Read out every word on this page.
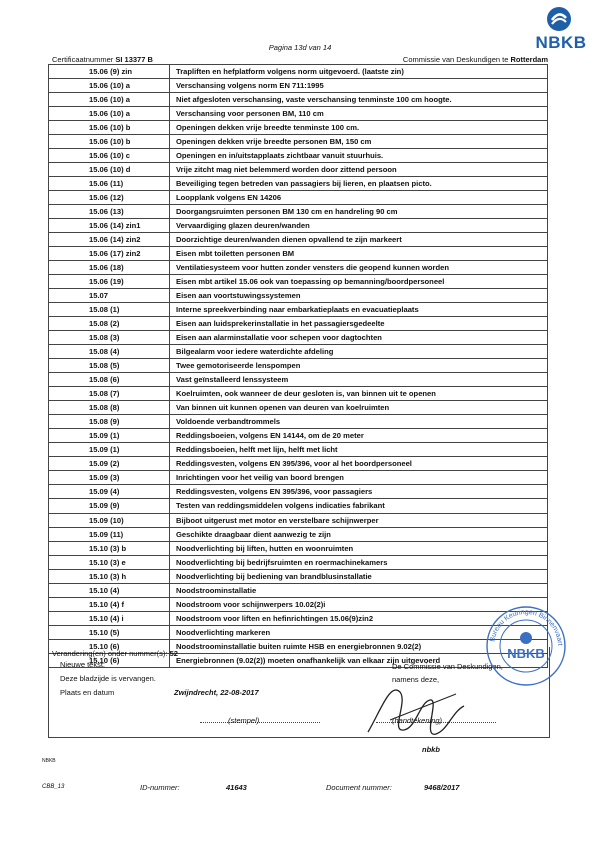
NBKB
Pagina 13d van 14
Certificaatnummer SI 13377 B	Commissie van Deskundigen te Rotterdam
15.06 (9) zin	Trapliften en hefplatform volgens norm uitgevoerd. (laatste zin)
15.06 (10) a	Verschansing volgens norm EN 711:1995
15.06 (10) a	Niet afgesloten verschansing, vaste verschansing tenminste 100 cm hoogte.
15.06 (10) a	Verschansing voor personen BM, 110 cm
15.06 (10) b	Openingen dekken vrije breedte tenminste 100 cm.
15.06 (10) b	Openingen dekken vrije breedte personen BM, 150 cm
15.06 (10) c	Openingen en in/uitstapplaats zichtbaar vanuit stuurhuis.
15.06 (10) d	Vrije zitcht mag niet belemmerd worden door zittend persoon
15.06 (11)	Beveiliging tegen betreden van passagiers bij lieren, en plaatsen picto.
15.06 (12)	Loopplank volgens EN 14206
15.06 (13)	Doorgangsruimten personen BM 130 cm en handreling 90 cm
15.06 (14) zin1	Vervaardiging glazen deuren/wanden
15.06 (14) zin2	Doorzichtige deuren/wanden dienen opvallend te zijn markeert
15.06 (17) zin2	Eisen mbt toiletten personen BM
15.06 (18)	Ventilatiesysteem voor hutten zonder vensters die geopend kunnen worden
15.06 (19)	Eisen mbt artikel 15.06 ook van toepassing op bemanning/boordpersoneel
15.07	Eisen aan voortstuwingssystemen
15.08 (1)	Interne spreekverbinding naar embarkatieplaats en evacuatieplaats
15.08 (2)	Eisen aan luidsprekerinstallatie in het passagiersgedeelte
15.08 (3)	Eisen aan alarminstallatie voor schepen voor dagtochten
15.08 (4)	Bilgealarm voor iedere waterdichte afdeling
15.08 (5)	Twee gemotoriseerde lenspompen
15.08 (6)	Vast geïnstalleerd lenssysteem
15.08 (7)	Koelruimten, ook wanneer de deur gesloten is, van binnen uit te openen
15.08 (8)	Van binnen uit kunnen openen van deuren van koelruimten
15.08 (9)	Voldoende verbandtrommels
15.09 (1)	Reddingsboeien, volgens EN 14144, om de 20 meter
15.09 (1)	Reddingsboeien, helft met lijn, helft met licht
15.09 (2)	Reddingsvesten, volgens EN 395/396, voor al het boordpersoneel
15.09 (3)	Inrichtingen voor het veilig van boord brengen
15.09 (4)	Reddingsvesten, volgens EN 395/396, voor passagiers
15.09 (9)	Testen van reddingsmiddelen volgens indicaties fabrikant
15.09 (10)	Bijboot uitgerust met motor en verstelbare schijnwerper
15.09 (11)	Geschikte draagbaar dient aanwezig te zijn
15.10 (3) b	Noodverlichting bij liften, hutten en woonruimten
15.10 (3) e	Noodverlichting bij bedrijfsruimten en roermachinekamers
15.10 (3) h	Noodverlichting bij bediening van brandblusinstallatie
15.10 (4)	Noodstroominstallatie
15.10 (4) f	Noodstroom voor schijnwerpers 10.02(2)i
15.10 (4) i	Noodstroom voor liften en hefinrichtingen 15.06(9)zin2
15.10 (5)	Noodverlichting markeren
15.10 (6)	Noodstroominstallatie buiten ruimte HSB en energiebronnen 9.02(2)
15.10 (6)	Energiebronnen (9.02(2)) moeten onafhankelijk van elkaar zijn uitgevoerd
Verandering(en) onder nummer(s): 52
Nieuwe tekst:
Deze bladzijde is vervangen.
Plaats en datum	Zwijndrecht, 22-08-2017
(stempel)
De Commissie van Deskundigen,
namens deze,
(handtekening)
Bureau Keuringen Binnenvaart
NBKB
nbkb
NBKB
CBB_13	ID-nummer:	41643	Document nummer:	9468/2017
